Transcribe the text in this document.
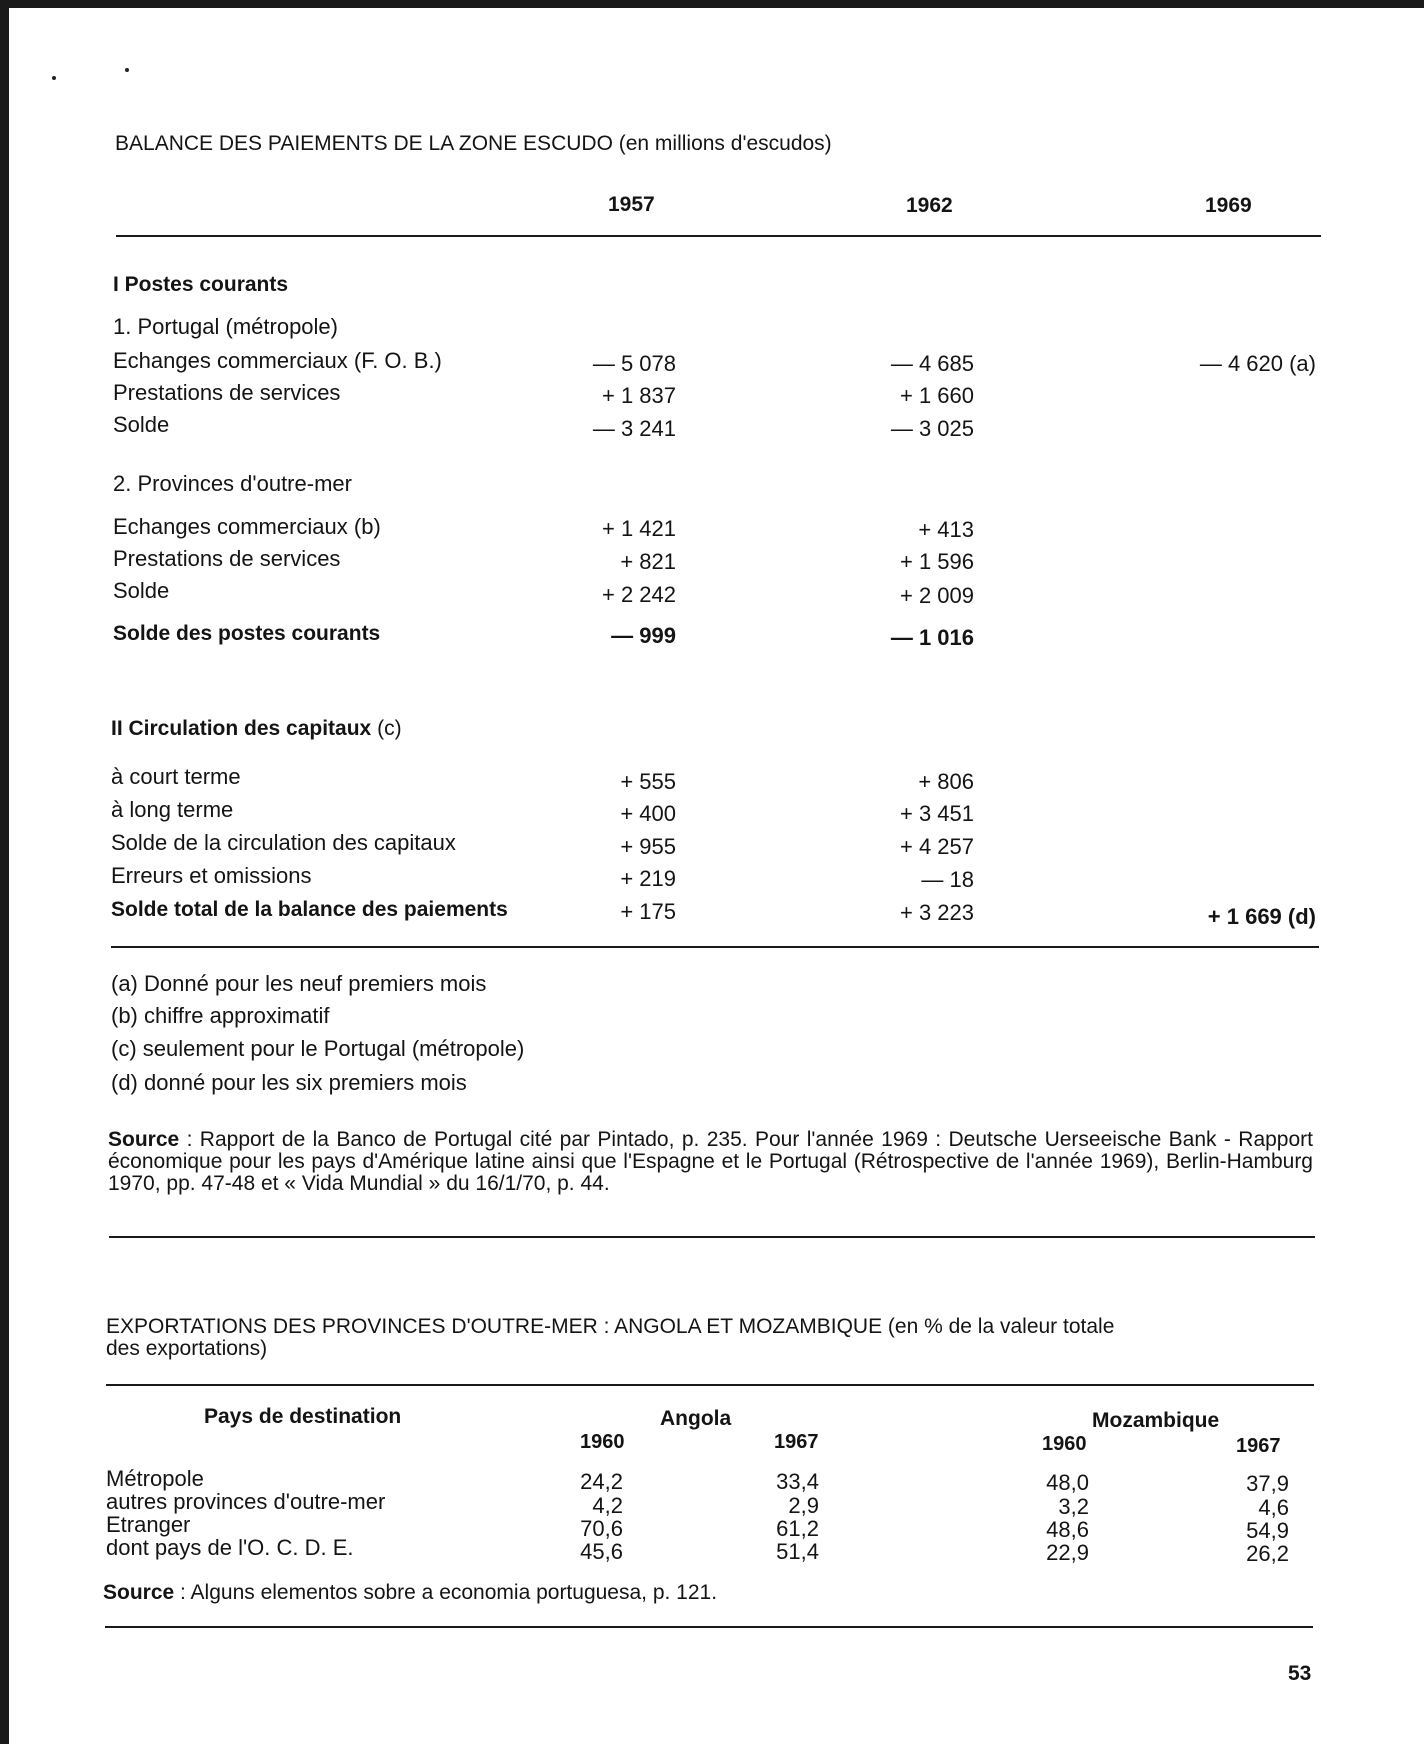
BALANCE DES PAIEMENTS DE LA ZONE ESCUDO (en millions d'escudos)
1957	1962	1969
I Postes courants
1. Portugal (métropole)
Echanges commerciaux (F. O. B.)	— 5 078	— 4 685	— 4 620 (a)
Prestations de services	+ 1 837	+ 1 660
Solde	— 3 241	— 3 025
2. Provinces d'outre-mer
Echanges commerciaux (b)	+ 1 421	+ 413
Prestations de services	+ 821	+ 1 596
Solde	+ 2 242	+ 2 009
Solde des postes courants	— 999	— 1 016
II Circulation des capitaux (c)
à court terme	+ 555	+ 806
à long terme	+ 400	+ 3 451
Solde de la circulation des capitaux	+ 955	+ 4 257
Erreurs et omissions	+ 219	— 18
Solde total de la balance des paiements	+ 175	+ 3 223	+ 1 669 (d)
(a) Donné pour les neuf premiers mois
(b) chiffre approximatif
(c) seulement pour le Portugal (métropole)
(d) donné pour les six premiers mois
Source : Rapport de la Banco de Portugal cité par Pintado, p. 235. Pour l'année 1969 : Deutsche Uerseeische Bank - Rapport économique pour les pays d'Amérique latine ainsi que l'Espagne et le Portugal (Rétrospective de l'année 1969), Berlin-Hamburg 1970, pp. 47-48 et « Vida Mundial » du 16/1/70, p. 44.
EXPORTATIONS DES PROVINCES D'OUTRE-MER : ANGOLA ET MOZAMBIQUE (en % de la valeur totale
des exportations)
Pays de destination	Angola	Mozambique
1960	1967	1960	1967
Métropole	24,2	33,4	48,0	37,9
autres provinces d'outre-mer	4,2	2,9	3,2	4,6
Etranger	70,6	61,2	48,6	54,9
dont pays de l'O. C. D. E.	45,6	51,4	22,9	26,2
Source : Alguns elementos sobre a economia portuguesa, p. 121.
53
